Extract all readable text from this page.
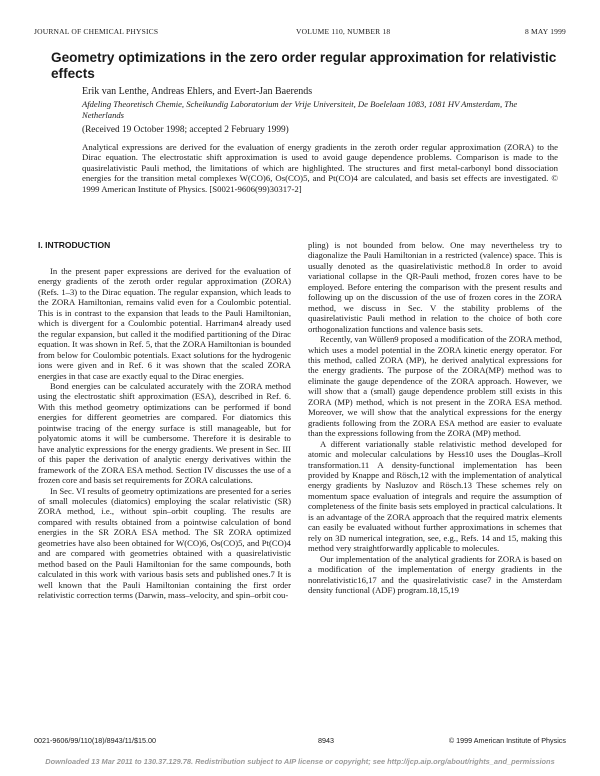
JOURNAL OF CHEMICAL PHYSICS	VOLUME 110, NUMBER 18	8 MAY 1999
Geometry optimizations in the zero order regular approximation for relativistic effects
Erik van Lenthe, Andreas Ehlers, and Evert-Jan Baerends
Afdeling Theoretisch Chemie, Scheikundig Laboratorium der Vrije Universiteit, De Boelelaan 1083, 1081 HV Amsterdam, The Netherlands
(Received 19 October 1998; accepted 2 February 1999)
Analytical expressions are derived for the evaluation of energy gradients in the zeroth order regular approximation (ZORA) to the Dirac equation. The electrostatic shift approximation is used to avoid gauge dependence problems. Comparison is made to the quasirelativistic Pauli method, the limitations of which are highlighted. The structures and first metal-carbonyl bond dissociation energies for the transition metal complexes W(CO)6, Os(CO)5, and Pt(CO)4 are calculated, and basis set effects are investigated. © 1999 American Institute of Physics. [S0021-9606(99)30317-2]
I. INTRODUCTION

In the present paper expressions are derived for the evaluation of energy gradients of the zeroth order regular approximation (ZORA) (Refs. 1–3) to the Dirac equation. The regular expansion, which leads to the ZORA Hamiltonian, remains valid even for a Coulombic potential. This is in contrast to the expansion that leads to the Pauli Hamiltonian, which is divergent for a Coulombic potential. Harriman4 already used the regular expansion, but called it the modified partitioning of the Dirac equation. It was shown in Ref. 5, that the ZORA Hamiltonian is bounded from below for Coulombic potentials. Exact solutions for the hydrogenic ions were given and in Ref. 6 it was shown that the scaled ZORA energies in that case are exactly equal to the Dirac energies.

Bond energies can be calculated accurately with the ZORA method using the electrostatic shift approximation (ESA), described in Ref. 6. With this method geometry optimizations can be performed if bond energies for different geometries are compared. For diatomics this pointwise tracing of the energy surface is still manageable, but for polyatomic atoms it will be cumbersome. Therefore it is desirable to have analytic expressions for the energy gradients. We present in Sec. III of this paper the derivation of analytic energy derivatives within the framework of the ZORA ESA method. Section IV discusses the use of a frozen core and basis set requirements for ZORA calculations.

In Sec. VI results of geometry optimizations are presented for a series of small molecules (diatomics) employing the scalar relativistic (SR) ZORA method, i.e., without spin–orbit coupling. The results are compared with results obtained from a pointwise calculation of bond energies in the SR ZORA ESA method. The SR ZORA optimized geometries have also been obtained for W(CO)6, Os(CO)5, and Pt(CO)4 and are compared with geometries obtained with a quasirelativistic method based on the Pauli Hamiltonian for the same compounds, both calculated in this work with various basis sets and published ones.7 It is well known that the Pauli Hamiltonian containing the first order relativistic correction terms (Darwin, mass–velocity, and spin–orbit cou-

pling) is not bounded from below. One may nevertheless try to diagonalize the Pauli Hamiltonian in a restricted (valence) space. This is usually denoted as the quasirelativistic method.8 In order to avoid variational collapse in the QR-Pauli method, frozen cores have to be employed. Before entering the comparison with the present results and following up on the discussion of the use of frozen cores in the ZORA method, we discuss in Sec. V the stability problems of the quasirelativistic Pauli method in relation to the choice of both core orthogonalization functions and valence basis sets.

Recently, van Wüllen9 proposed a modification of the ZORA method, which uses a model potential in the ZORA kinetic energy operator. For this method, called ZORA (MP), he derived analytical expressions for the energy gradients. The purpose of the ZORA(MP) method was to eliminate the gauge dependence of the ZORA approach. However, we will show that a (small) gauge dependence problem still exists in this ZORA (MP) method, which is not present in the ZORA ESA method. Moreover, we will show that the analytical expressions for the energy gradients following from the ZORA ESA method are easier to evaluate than the expressions following from the ZORA (MP) method.

A different variationally stable relativistic method developed for atomic and molecular calculations by Hess10 uses the Douglas–Kroll transformation.11 A density-functional implementation has been provided by Knappe and Rösch,12 with the implementation of analytical energy gradients by Nasluzov and Rösch.13 These schemes rely on momentum space evaluation of integrals and require the assumption of completeness of the finite basis sets employed in practical calculations. It is an advantage of the ZORA approach that the required matrix elements can easily be evaluated without further approximations in schemes that rely on 3D numerical integration, see, e.g., Refs. 14 and 15, making this method very straightforwardly applicable to molecules.

Our implementation of the analytical gradients for ZORA is based on a modification of the implementation of energy gradients in the nonrelativistic16,17 and the quasirelativistic case7 in the Amsterdam density functional (ADF) program.18,15,19

0021-9606/99/110(18)/8943/11/$15.00	8943	© 1999 American Institute of Physics
Downloaded 13 Mar 2011 to 130.37.129.78. Redistribution subject to AIP license or copyright; see http://jcp.aip.org/about/rights_and_permissions
